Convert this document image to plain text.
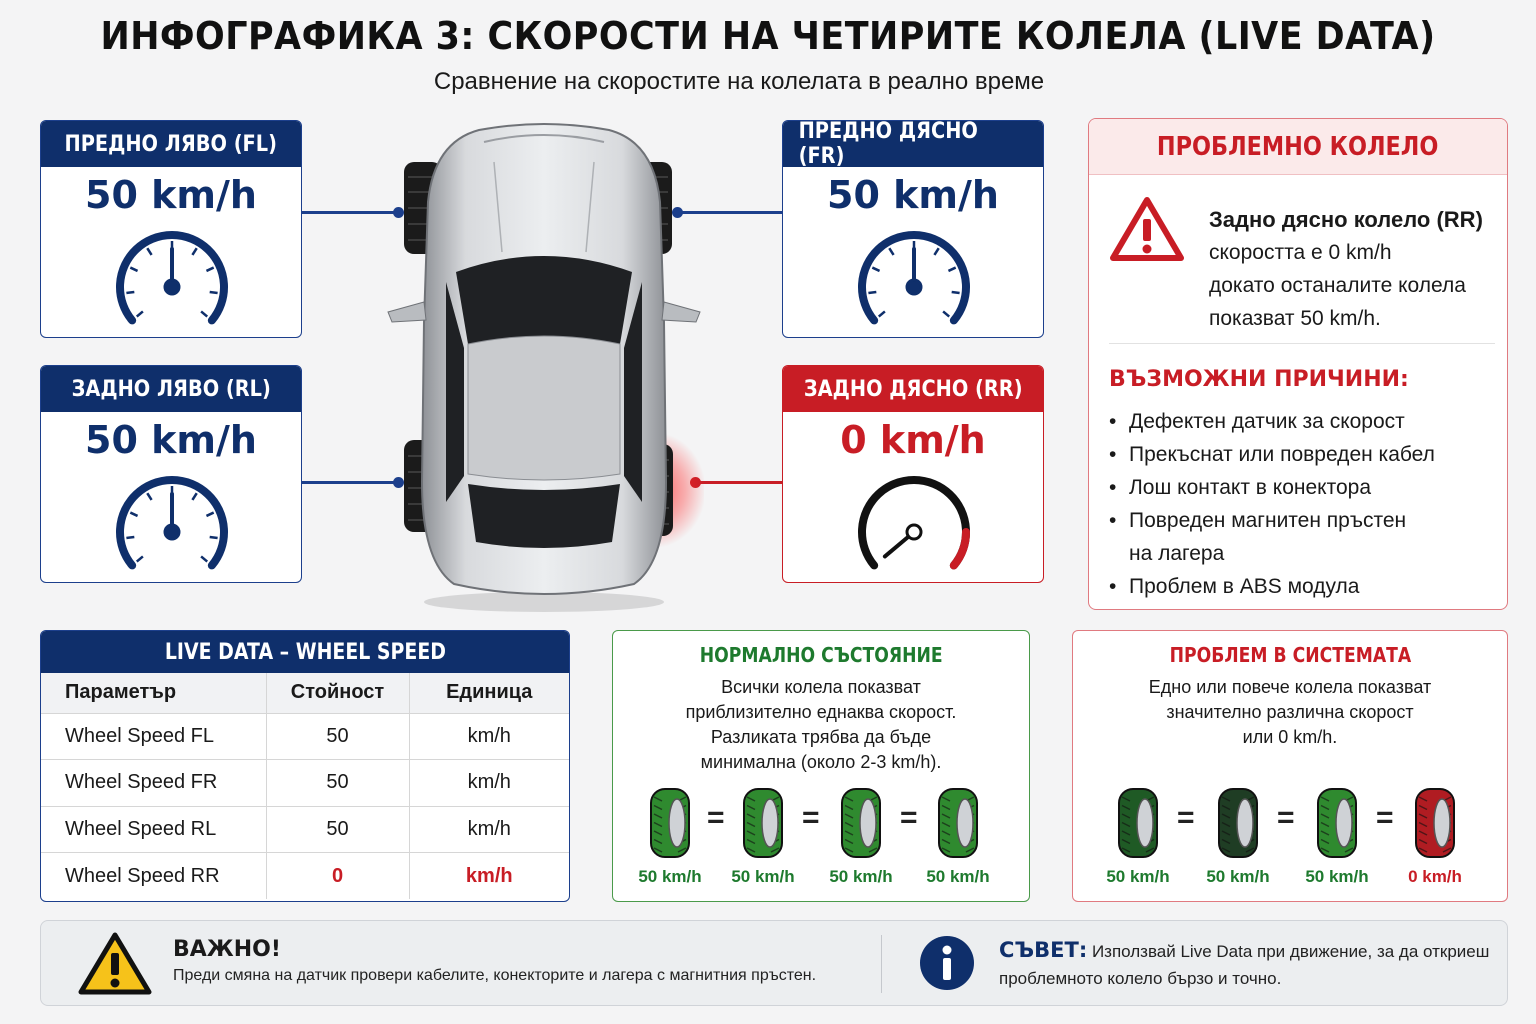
ИНФОГРАФИКА 3: СКОРОСТИ НА ЧЕТИРИТЕ КОЛЕЛА (LIVE DATA)
Сравнение на скоростите на колелата в реално време
ПРЕДНО ЛЯВО (FL)
50 km/h
ПРЕДНО ДЯСНО (FR)
50 km/h
ЗАДНО ЛЯВО (RL)
50 km/h
ЗАДНО ДЯСНО (RR)
0 km/h
ПРОБЛЕМНО КОЛЕЛО
Задно дясно колело (RR)
скоростта е 0 km/h
докато останалите колела
показват 50 km/h.
ВЪЗМОЖНИ ПРИЧИНИ:
• Дефектен датчик за скорост
• Прекъснат или повреден кабел
• Лош контакт в конектора
• Повреден магнитен пръстен
на лагера
• Проблем в ABS модула
LIVE DATA – WHEEL SPEED
Параметър	Стойност	Единица
Wheel Speed FL	50	km/h
Wheel Speed FR	50	km/h
Wheel Speed RL	50	km/h
Wheel Speed RR	0	km/h
НОРМАЛНО СЪСТОЯНИЕ
Всички колела показват
приблизително еднаква скорост.
Разликата трябва да бъде
минимална (около 2-3 km/h).
=	=	=
50 km/h	50 km/h	50 km/h	50 km/h
ПРОБЛЕМ В СИСТЕМАТА
Едно или повече колела показват
значително различна скорост
или 0 km/h.
=	=	=
50 km/h	50 km/h	50 km/h	0 km/h
ВАЖНО!
Преди смяна на датчик провери кабелите, конекторите и лагера с магнитния пръстен.
СЪВЕТ: Използвай Live Data при движение, за да откриеш
проблемното колело бързо и точно.
